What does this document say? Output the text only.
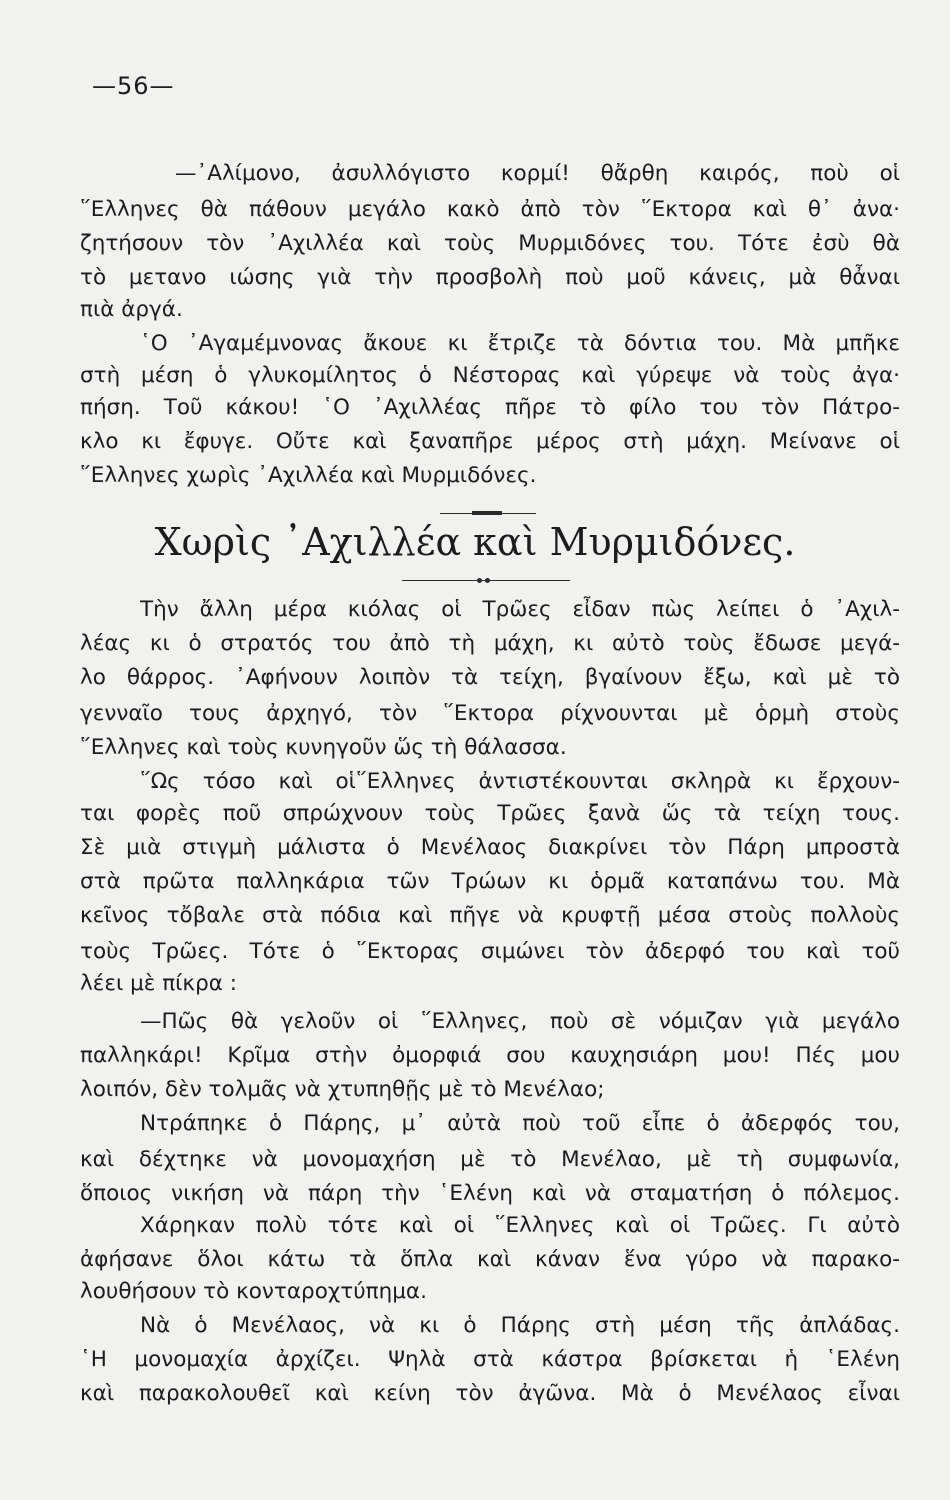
—56—
—᾿Αλίμονο, ἀσυλλόγιστο κορμί! θἄρθη καιρός, ποὺ οἱ
῞Ελληνες θὰ πάθουν μεγάλο κακὸ ἀπὸ τὸν ῞Εκτορα καὶ θ᾿ ἀνα·
ζητήσουν τὸν ᾿Αχιλλέα καὶ τοὺς Μυρμιδόνες του. Τότε ἐσὺ θὰ
τὸ μετανο ιώσης γιὰ τὴν προσβολὴ ποὺ μοῦ κάνεις, μὰ θἆναι
πιὰ ἀργά.
῾Ο ᾿Αγαμέμνονας ἄκουε κι ἔτριζε τὰ δόντια του. Μὰ μπῆκε
στὴ μέση ὁ γλυκομίλητος ὁ Νέστορας καὶ γύρεψε νὰ τοὺς ἀγα·
πήση. Τοῦ κάκου! ῾Ο ᾿Αχιλλέας πῆρε τὸ φίλο του τὸν Πάτρο-
κλο κι ἔφυγε. Οὔτε καὶ ξαναπῆρε μέρος στὴ μάχη. Μείνανε οἱ
῞Ελληνες χωρὶς ᾿Αχιλλέα καὶ Μυρμιδόνες.
Χωρὶς ᾿Αχιλλέα καὶ Μυρμιδόνες.
Τὴν ἄλλη μέρα κιόλας οἱ Τρῶες εἶδαν πὼς λείπει ὁ ᾿Αχιλ-
λέας κι ὁ στρατός του ἀπὸ τὴ μάχη, κι αὐτὸ τοὺς ἔδωσε μεγά-
λο θάρρος. ᾿Αφήνουν λοιπὸν τὰ τείχη, βγαίνουν ἔξω, καὶ μὲ τὸ
γενναῖο τους ἀρχηγό, τὸν ῞Εκτορα ρίχνουνται μὲ ὁρμὴ στοὺς
῞Ελληνες καὶ τοὺς κυνηγοῦν ὥς τὴ θάλασσα.
῞Ως τόσο καὶ οἱ῞Ελληνες ἀντιστέκουνται σκληρὰ κι ἔρχουν-
ται φορὲς ποῦ σπρώχνουν τοὺς Τρῶες ξανὰ ὥς τὰ τείχη τους.
Σὲ μιὰ στιγμὴ μάλιστα ὁ Μενέλαος διακρίνει τὸν Πάρη μπροστὰ
στὰ πρῶτα παλληκάρια τῶν Τρώων κι ὁρμᾶ καταπάνω του. Μὰ
κεῖνος τὄβαλε στὰ πόδια καὶ πῆγε νὰ κρυφτῇ μέσα στοὺς πολλοὺς
τοὺς Τρῶες. Τότε ὁ ῞Εκτορας σιμώνει τὸν ἀδερφό του καὶ τοῦ
λέει μὲ πίκρα :
—Πῶς θὰ γελοῦν οἱ ῞Ελληνες, ποὺ σὲ νόμιζαν γιὰ μεγάλο
παλληκάρι! Κρῖμα στὴν ὀμορφιά σου καυχησιάρη μου! Πές μου
λοιπόν, δὲν τολμᾶς νὰ χτυπηθῇς μὲ τὸ Μενέλαο;
Ντράπηκε ὁ Πάρης, μ᾿ αὐτὰ ποὺ τοῦ εἶπε ὁ ἀδερφός του,
καὶ δέχτηκε νὰ μονομαχήση μὲ τὸ Μενέλαο, μὲ τὴ συμφωνία,
ὅποιος νικήση νὰ πάρη τὴν ῾Ελένη καὶ νὰ σταματήση ὁ πόλεμος.
Χάρηκαν πολὺ τότε καὶ οἱ ῞Ελληνες καὶ οἱ Τρῶες. Γι αὐτὸ
ἀφήσανε ὅλοι κάτω τὰ ὅπλα καὶ κάναν ἕνα γύρο νὰ παρακο-
λουθήσουν τὸ κονταροχτύπημα.
Νὰ ὁ Μενέλαος, νὰ κι ὁ Πάρης στὴ μέση τῆς ἀπλάδας.
῾Η μονομαχία ἀρχίζει. Ψηλὰ στὰ κάστρα βρίσκεται ἡ ῾Ελένη
καὶ παρακολουθεῖ καὶ κείνη τὸν ἀγῶνα. Μὰ ὁ Μενέλαος εἶναι
